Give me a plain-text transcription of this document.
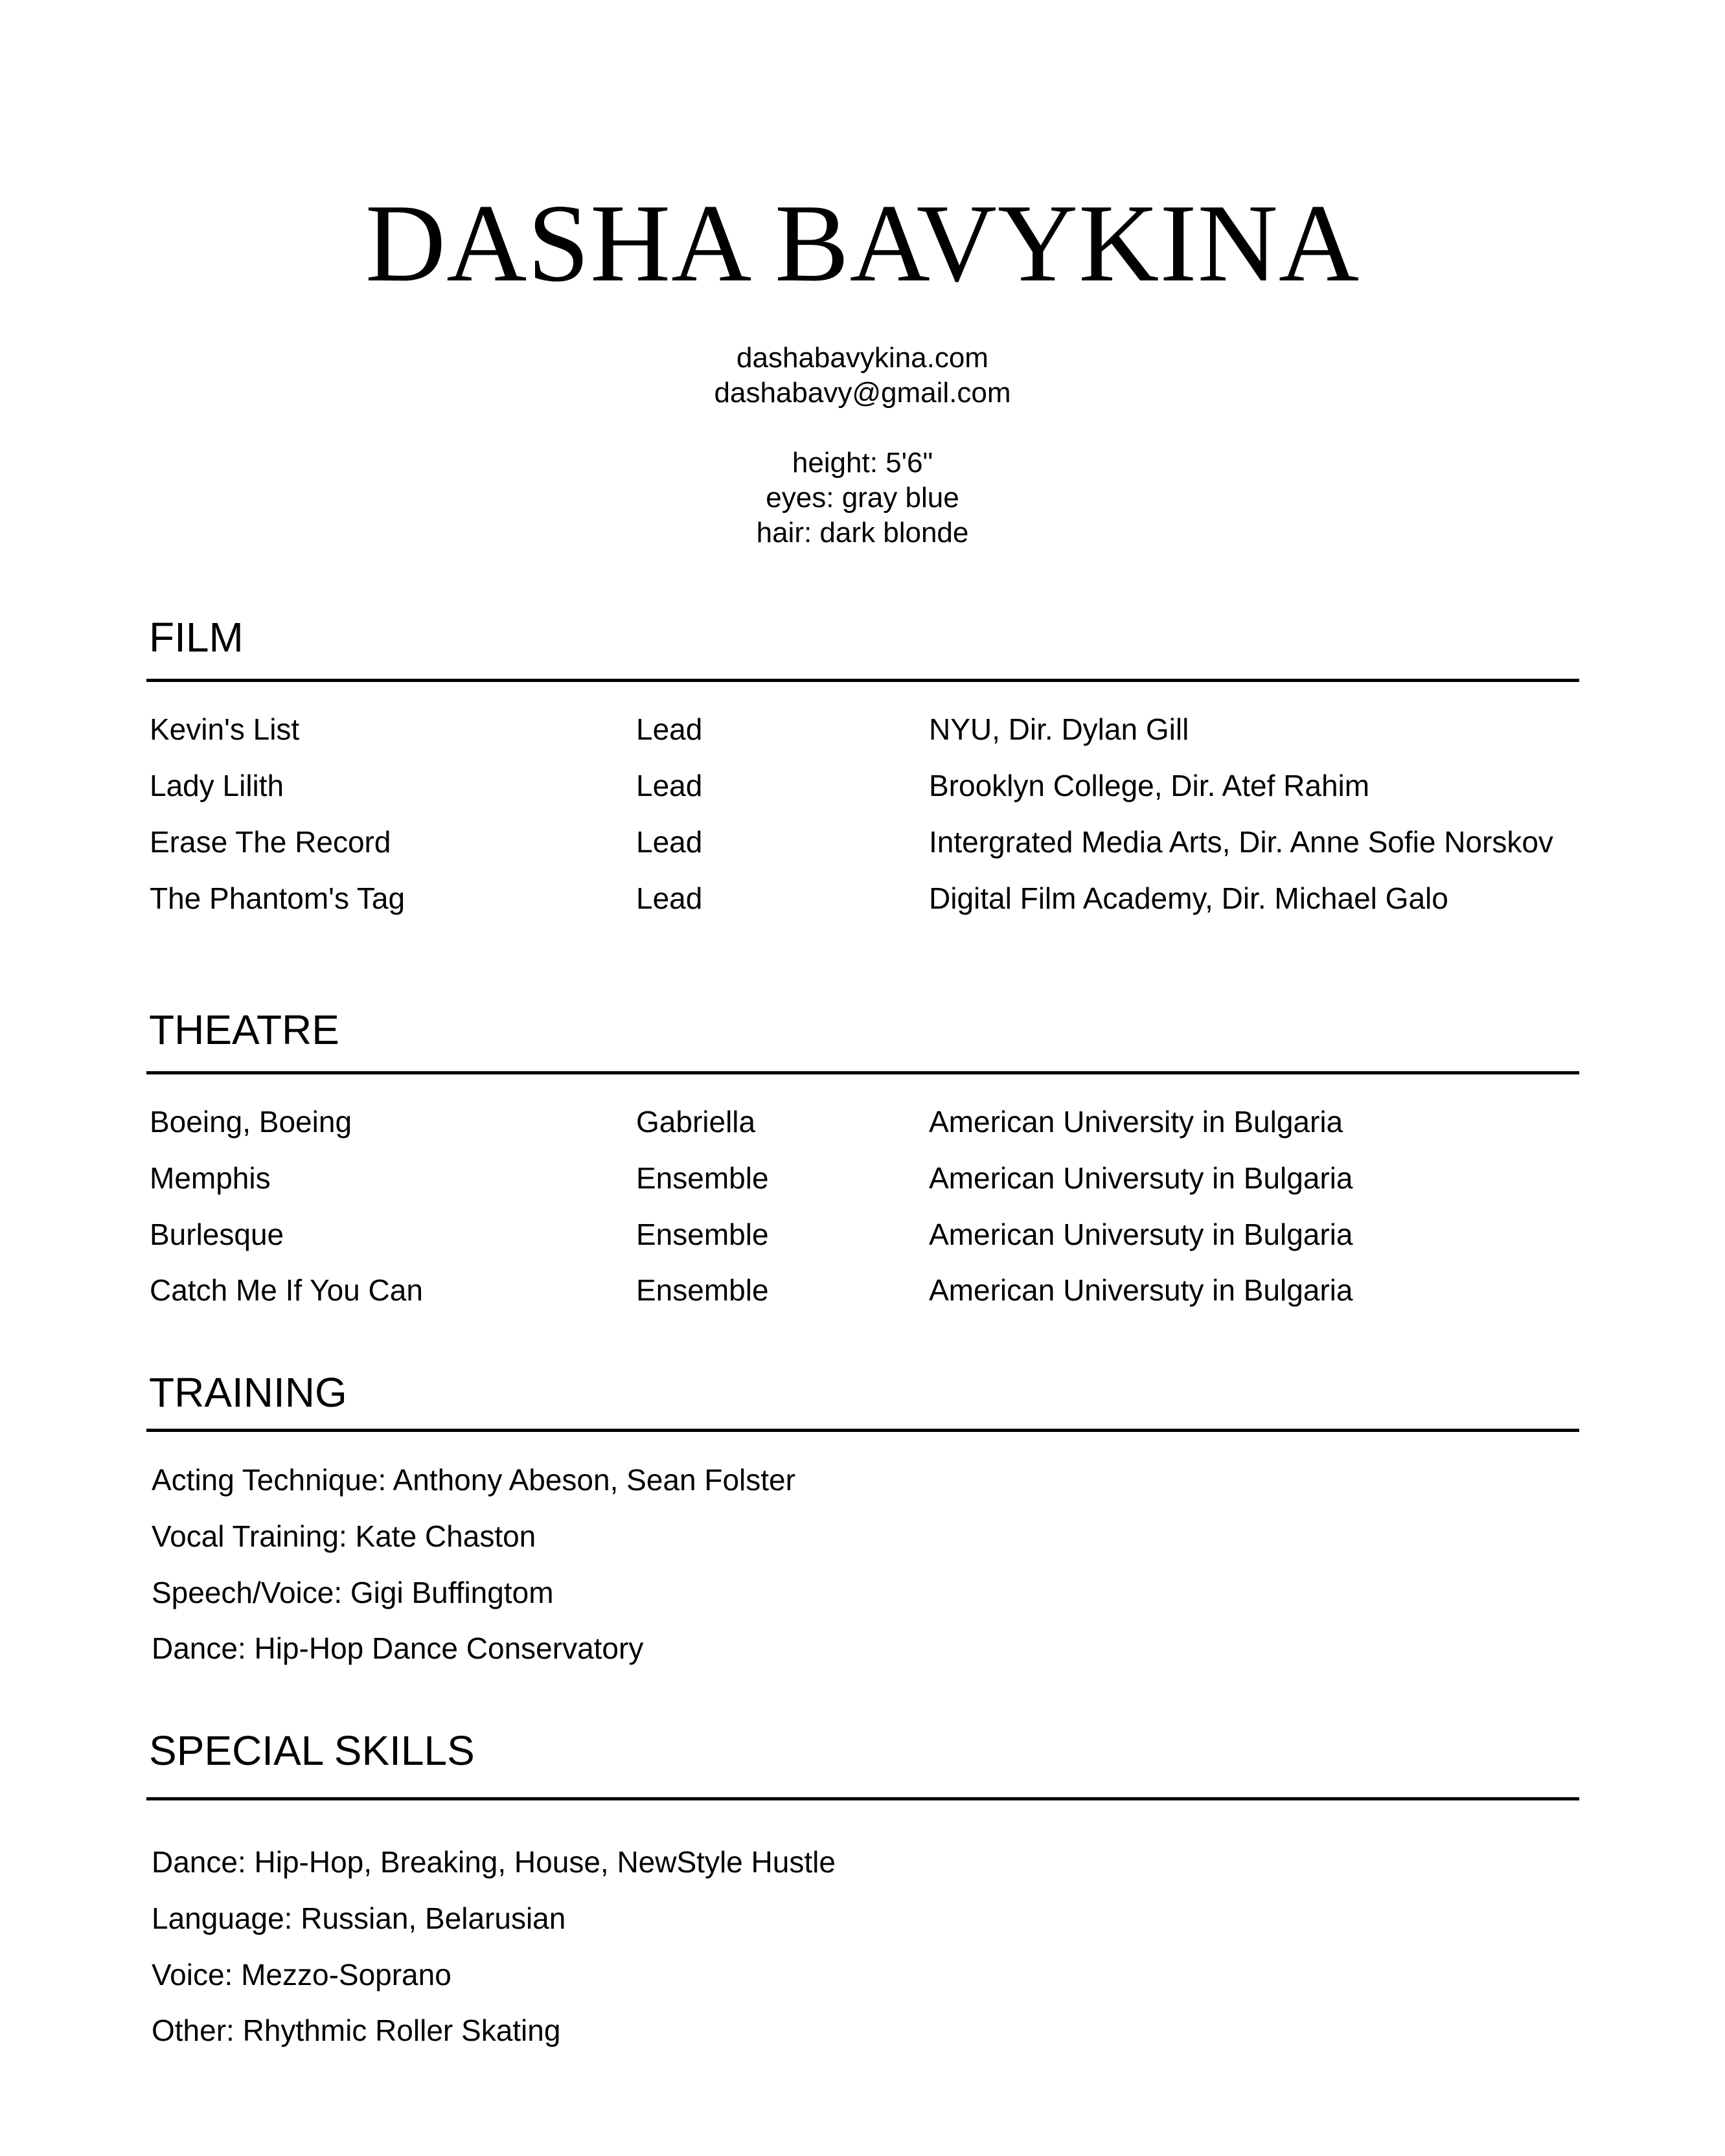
DASHA BAVYKINA
dashabavykina.com
dashabavy@gmail.com
height: 5'6"
eyes: gray blue
hair: dark blonde
FILM
Kevin's List	Lead	NYU, Dir. Dylan Gill
Lady Lilith	Lead	Brooklyn College, Dir. Atef Rahim
Erase The Record	Lead	Intergrated Media Arts, Dir. Anne Sofie Norskov
The Phantom's Tag	Lead	Digital Film Academy, Dir. Michael Galo
THEATRE
Boeing, Boeing	Gabriella	American University in Bulgaria
Memphis	Ensemble	American Universuty in Bulgaria
Burlesque	Ensemble	American Universuty in Bulgaria
Catch Me If You Can	Ensemble	American Universuty in Bulgaria
TRAINING
Acting Technique: Anthony Abeson, Sean Folster
Vocal Training: Kate Chaston
Speech/Voice: Gigi Buffingtom
Dance: Hip-Hop Dance Conservatory
SPECIAL SKILLS
Dance: Hip-Hop, Breaking, House, NewStyle Hustle
Language: Russian, Belarusian
Voice: Mezzo-Soprano
Other: Rhythmic Roller Skating
